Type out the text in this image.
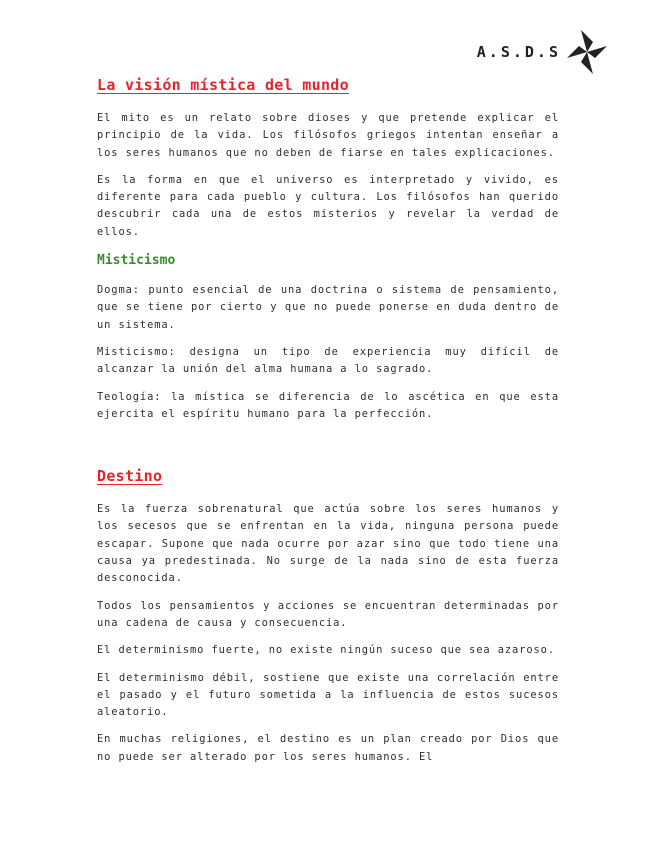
A.S.D.S
La visión mística del mundo

El mito es un relato sobre dioses y que pretende explicar el principio de la vida. Los filósofos griegos intentan enseñar a los seres humanos que no deben de fiarse en tales explicaciones.

Es la forma en que el universo es interpretado y vivido, es diferente para cada pueblo y cultura. Los filósofos han querido descubrir cada una de estos misterios y revelar la verdad de ellos.

Misticismo

Dogma: punto esencial de una doctrina o sistema de pensamiento, que se tiene por cierto y que no puede ponerse en duda dentro de un sistema.

Misticismo: designa un tipo de experiencia muy difícil de alcanzar la unión del alma humana a lo sagrado.

Teología: la mística se diferencia de lo ascética en que esta ejercita el espíritu humano para la perfección.

Destino

Es la fuerza sobrenatural que actúa sobre los seres humanos y los secesos que se enfrentan en la vida, ninguna persona puede escapar. Supone que nada ocurre por azar sino que todo tiene una causa ya predestinada. No surge de la nada sino de esta fuerza desconocida.

Todos los pensamientos y acciones se encuentran determinadas por una cadena de causa y consecuencia.

El determinismo fuerte, no existe ningún suceso que sea azaroso.

El determinismo débil, sostiene que existe una correlación entre el pasado y el futuro sometida a la influencia de estos sucesos aleatorio.

En muchas religiones, el destino es un plan creado por Dios que no puede ser alterado por los seres humanos. El
